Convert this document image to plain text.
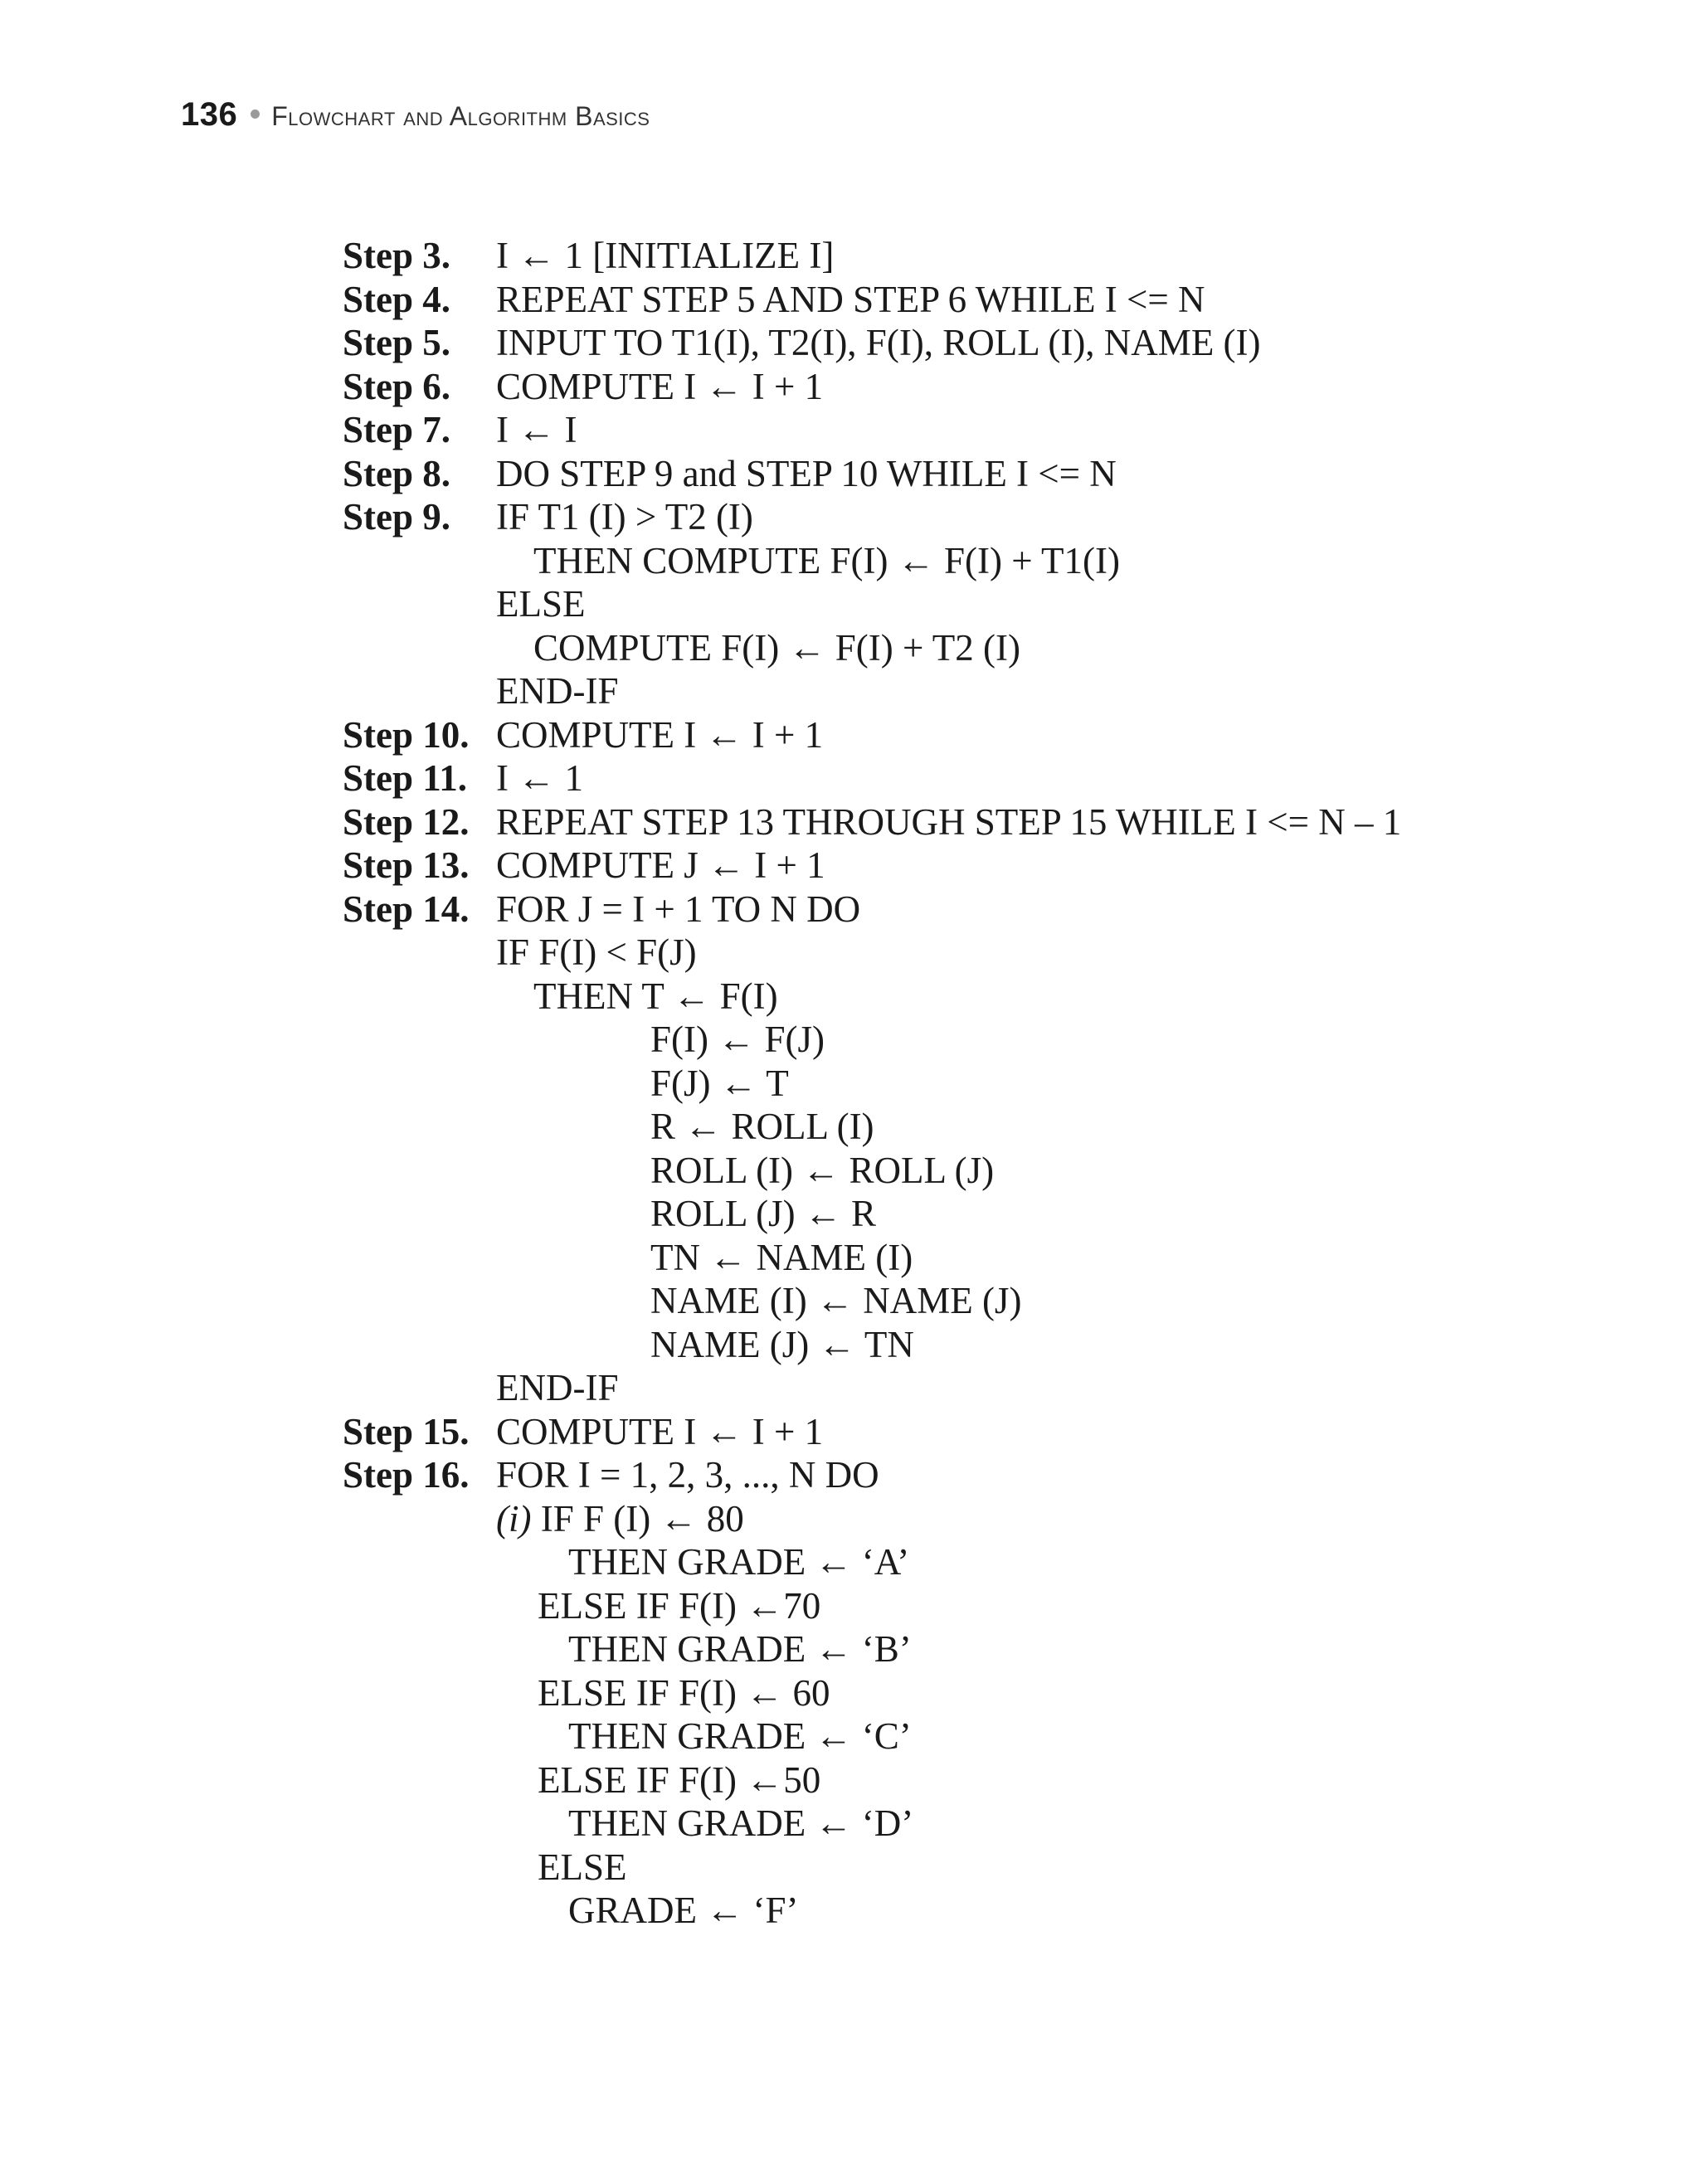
136 Flowchart and Algorithm Basics

Step 3.

I ← 1 [INITIALIZE I]

Step 4.

REPEAT STEP 5 AND STEP 6 WHILE I <= N

Step 5.

INPUT TO T1(I), T2(I), F(I), ROLL (I), NAME (I)

Step 6.

COMPUTE I ← I + 1

Step 7.

I ← I

Step 8.

DO STEP 9 and STEP 10 WHILE I <= N

Step 9.

IF T1 (I) > T2 (I)

THEN COMPUTE F(I) ← F(I) + T1(I)

ELSE

COMPUTE F(I) ← F(I) + T2 (I)

END-IF

Step 10.

COMPUTE I ← I + 1

Step 11.

I ← 1

Step 12.

REPEAT STEP 13 THROUGH STEP 15 WHILE I <= N – 1

Step 13.

COMPUTE J ← I + 1

Step 14.

FOR J = I + 1 TO N DO

IF F(I) < F(J)

THEN T ← F(I)

F(I) ← F(J)

F(J) ← T

R ← ROLL (I)

ROLL (I) ← ROLL (J)

ROLL (J) ← R

TN ← NAME (I)

NAME (I) ← NAME (J)

NAME (J) ← TN

END-IF

Step 15.

COMPUTE I ← I + 1

Step 16.

FOR I = 1, 2, 3, ..., N DO

(i) IF F (I) ← 80

THEN GRADE ← ‘A’

ELSE IF F(I) ←70

THEN GRADE ← ‘B’

ELSE IF F(I) ← 60

THEN GRADE ← ‘C’

ELSE IF F(I) ←50

THEN GRADE ← ‘D’

ELSE

GRADE ← ‘F’
